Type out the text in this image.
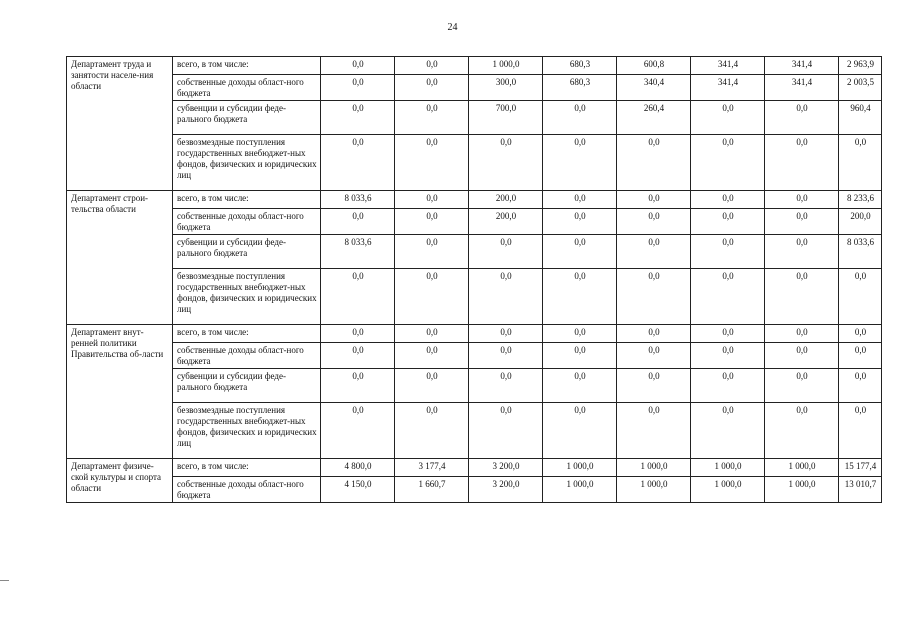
24
Департамент труда и занятости населе-ния области	всего, в том числе:	0,0	0,0	1 000,0	680,3	600,8	341,4	341,4	2 963,9
	собственные доходы област-ного бюджета	0,0	0,0	300,0	680,3	340,4	341,4	341,4	2 003,5
	субвенции и субсидии феде-рального бюджета	0,0	0,0	700,0	0,0	260,4	0,0	0,0	960,4
	безвозмездные поступления государственных внебюджет-ных фондов, физических и юридических лиц	0,0	0,0	0,0	0,0	0,0	0,0	0,0	0,0
Департамент строи-тельства области	всего, в том числе:	8 033,6	0,0	200,0	0,0	0,0	0,0	0,0	8 233,6
	собственные доходы област-ного бюджета	0,0	0,0	200,0	0,0	0,0	0,0	0,0	200,0
	субвенции и субсидии феде-рального бюджета	8 033,6	0,0	0,0	0,0	0,0	0,0	0,0	8 033,6
	безвозмездные поступления государственных внебюджет-ных фондов, физических и юридических лиц	0,0	0,0	0,0	0,0	0,0	0,0	0,0	0,0
Департамент внут-ренней политики Правительства об-ласти	всего, в том числе:	0,0	0,0	0,0	0,0	0,0	0,0	0,0	0,0
	собственные доходы област-ного бюджета	0,0	0,0	0,0	0,0	0,0	0,0	0,0	0,0
	субвенции и субсидии феде-рального бюджета	0,0	0,0	0,0	0,0	0,0	0,0	0,0	0,0
	безвозмездные поступления государственных внебюджет-ных фондов, физических и юридических лиц	0,0	0,0	0,0	0,0	0,0	0,0	0,0	0,0
Департамент физиче-ской культуры и спорта области	всего, в том числе:	4 800,0	3 177,4	3 200,0	1 000,0	1 000,0	1 000,0	1 000,0	15 177,4
	собственные доходы област-ного бюджета	4 150,0	1 660,7	3 200,0	1 000,0	1 000,0	1 000,0	1 000,0	13 010,7
